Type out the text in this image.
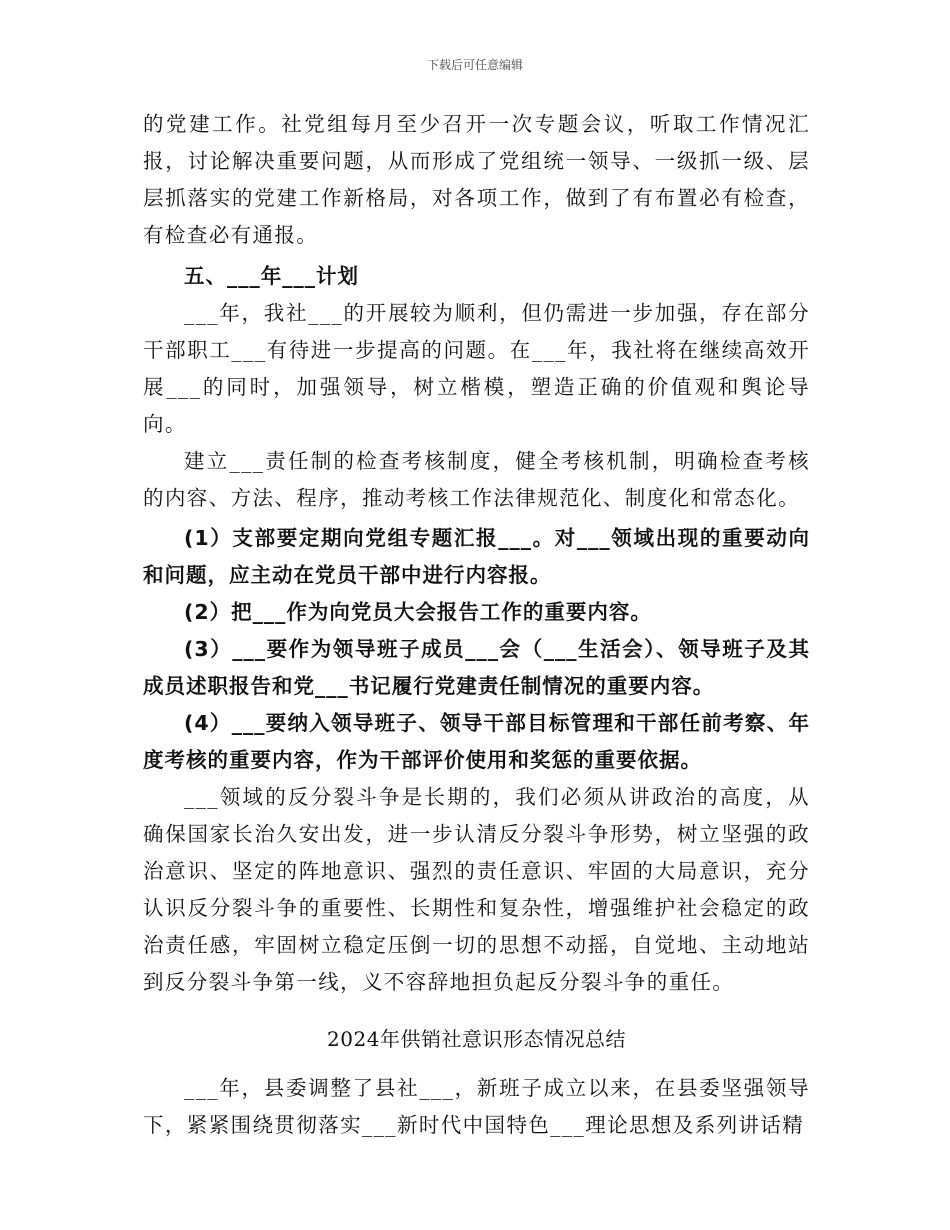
下载后可任意编辑

的党建工作。社党组每月至少召开一次专题会议，听取工作情况汇报，讨论解决重要问题，从而形成了党组统一领导、一级抓一级、层层抓落实的党建工作新格局，对各项工作，做到了有布置必有检查，有检查必有通报。

五、___年___计划

___年，我社___的开展较为顺利，但仍需进一步加强，存在部分干部职工___有待进一步提高的问题。在___年，我社将在继续高效开展___的同时，加强领导，树立楷模，塑造正确的价值观和舆论导向。

建立___责任制的检查考核制度，健全考核机制，明确检查考核的内容、方法、程序，推动考核工作法律规范化、制度化和常态化。

(1）支部要定期向党组专题汇报___。对___领域出现的重要动向和问题，应主动在党员干部中进行内容报。

(2）把___作为向党员大会报告工作的重要内容。

(3）___要作为领导班子成员___会（___生活会）、领导班子及其成员述职报告和党___书记履行党建责任制情况的重要内容。

(4）___要纳入领导班子、领导干部目标管理和干部任前考察、年度考核的重要内容，作为干部评价使用和奖惩的重要依据。

___领域的反分裂斗争是长期的，我们必须从讲政治的高度，从确保国家长治久安出发，进一步认清反分裂斗争形势，树立坚强的政治意识、坚定的阵地意识、强烈的责任意识、牢固的大局意识，充分认识反分裂斗争的重要性、长期性和复杂性，增强维护社会稳定的政治责任感，牢固树立稳定压倒一切的思想不动摇，自觉地、主动地站到反分裂斗争第一线，义不容辞地担负起反分裂斗争的重任。

2024年供销社意识形态情况总结

___年，县委调整了县社___，新班子成立以来，在县委坚强领导下，紧紧围绕贯彻落实___新时代中国特色___理论思想及系列讲话精
